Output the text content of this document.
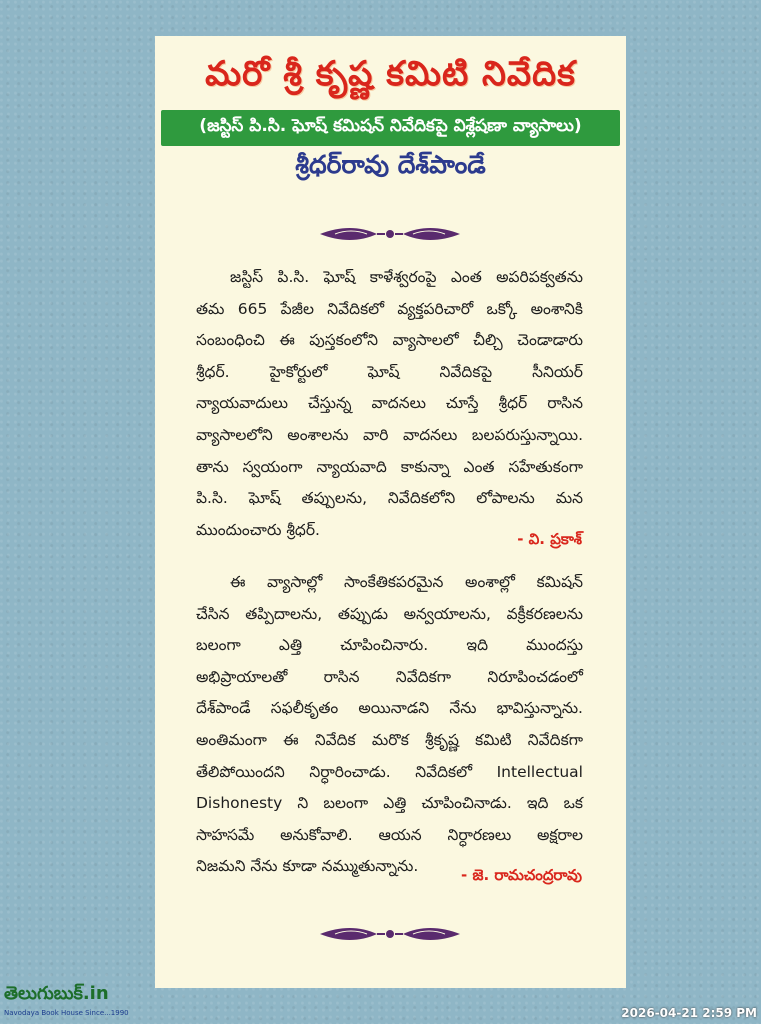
మరో శ్రీ కృష్ణ కమిటి నివేదిక
(జస్టిస్ పి.సి. ఘోష్ కమిషన్ నివేదికపై విశ్లేషణా వ్యాసాలు)
శ్రీధర్‌రావు దేశ్‌పాండే
జస్టిస్ పి.సి. ఘోష్ కాళేశ్వరంపై ఎంత అపరిపక్వతను
తమ 665 పేజీల నివేదికలో వ్యక్తపరిచారో ఒక్కో అంశానికి
సంబంధించి ఈ పుస్తకంలోని వ్యాసాలలో చీల్చి చెండాడారు
శ్రీధర్. హైకోర్టులో ఘోష్ నివేదికపై సీనియర్
న్యాయవాదులు చేస్తున్న వాదనలు చూస్తే శ్రీధర్ రాసిన
వ్యాసాలలోని అంశాలను వారి వాదనలు బలపరుస్తున్నాయి.
తాను స్వయంగా న్యాయవాది కాకున్నా ఎంత సహేతుకంగా
పి.సి. ఘోష్ తప్పులను, నివేదికలోని లోపాలను మన
ముందుంచారు శ్రీధర్.
- వి. ప్రకాశ్
ఈ వ్యాసాల్లో సాంకేతికపరమైన అంశాల్లో కమిషన్
చేసిన తప్పిదాలను, తప్పుడు అన్వయాలను, వక్రీకరణలను
బలంగా ఎత్తి చూపించినారు. ఇది ముందస్తు
అభిప్రాయాలతో రాసిన నివేదికగా నిరూపించడంలో
దేశ్‌పాండే సఫలీకృతం అయినాడని నేను భావిస్తున్నాను.
అంతిమంగా ఈ నివేదిక మరొక శ్రీకృష్ణ కమిటి నివేదికగా
తేలిపోయిందని నిర్ధారించాడు. నివేదికలో Intellectual
Dishonesty ని బలంగా ఎత్తి చూపించినాడు. ఇది ఒక
సాహసమే అనుకోవాలి. ఆయన నిర్ధారణలు అక్షరాల
నిజమని నేను కూడా నమ్ముతున్నాను.	- జె. రామచంద్రరావు
తెలుగుబుక్.in
Navodaya Book House Since...1990	2026-04-21 2:59 PM
